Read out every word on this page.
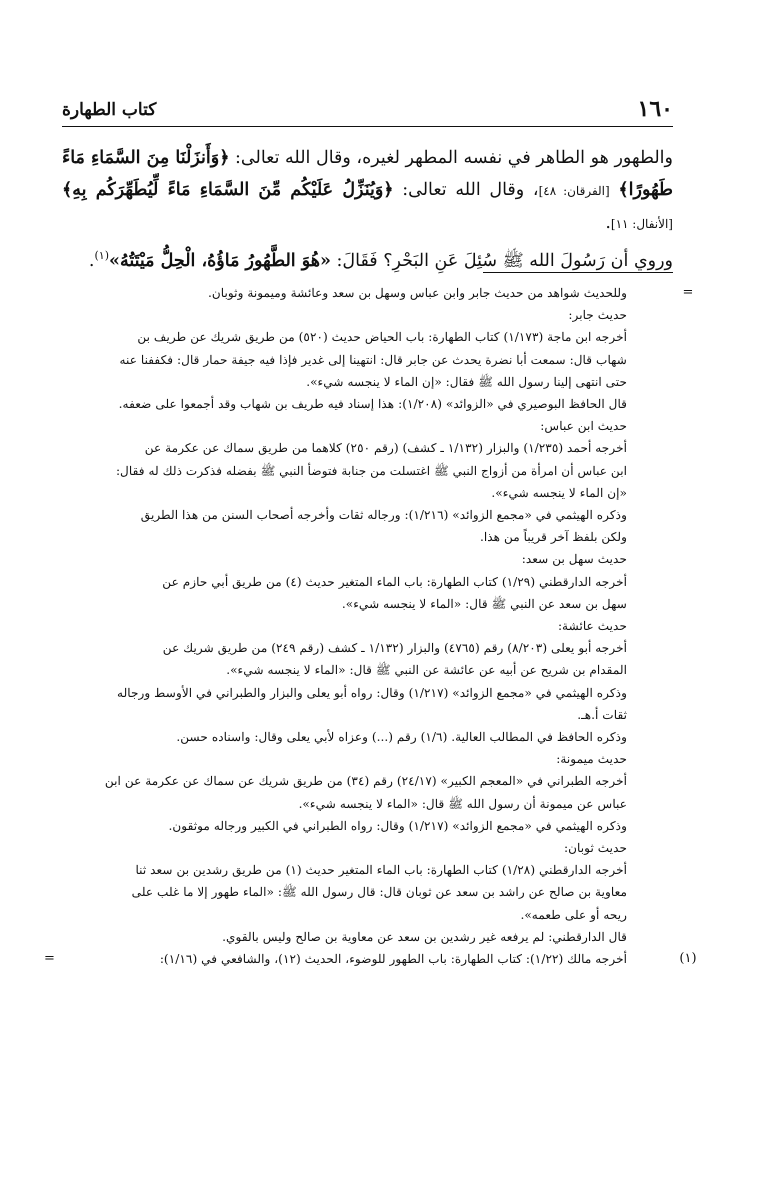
١٦٠
كتاب الطهارة

والطهور هو الطاهر في نفسه المطهر لغيره، وقال الله تعالى: ﴿وَأَنزَلْنَا مِنَ السَّمَاءِ مَاءً طَهُورًا﴾ [الفرقان: ٤٨]، وقال الله تعالى: ﴿وَيُنَزِّلُ عَلَيْكُم مِّنَ السَّمَاءِ مَاءً لِّيُطَهِّرَكُم بِهِ﴾ [الأنفال: ١١].

وروي أن رَسُولَ الله ﷺ سُئِلَ عَنِ البَحْرِ؟ فَقَالَ: «هُوَ الطَّهُورُ مَاؤُهُ، الْحِلُّ مَيْتَتُهُ»$^{(١)}$.

=
وللحديث شواهد من حديث جابر وابن عباس وسهل بن سعد وعائشة وميمونة وثوبان.

حديث جابر:

أخرجه ابن ماجة (١/١٧٣) كتاب الطهارة: باب الحياض حديث (٥٢٠) من طريق شريك عن طريف بن

شهاب قال: سمعت أبا نضرة يحدث عن جابر قال: انتهينا إلى غدير فإذا فيه جيفة حمار قال: فكففنا عنه

حتى انتهى إلينا رسول الله ﷺ فقال: «إن الماء لا ينجسه شيء».

قال الحافظ البوصيري في «الزوائد» (١/٢٠٨): هذا إسناد فيه طريف بن شهاب وقد أجمعوا على ضعفه.

حديث ابن عباس:

أخرجه أحمد (١/٢٣٥) والبزار (١/١٣٢ ـ كشف) (رقم ٢٥٠) كلاهما من طريق سماك عن عكرمة عن

ابن عباس أن امرأة من أزواج النبي ﷺ اغتسلت من جنابة فتوضأ النبي ﷺ بفضله فذكرت ذلك له فقال:

«إن الماء لا ينجسه شيء».

وذكره الهيثمي في «مجمع الزوائد» (١/٢١٦): ورجاله ثقات وأخرجه أصحاب السنن من هذا الطريق

ولكن بلفظ آخر قريباً من هذا.

حديث سهل بن سعد:

أخرجه الدارقطني (١/٢٩) كتاب الطهارة: باب الماء المتغير حديث (٤) من طريق أبي حازم عن

سهل بن سعد عن النبي ﷺ قال: «الماء لا ينجسه شيء».

حديث عائشة:

أخرجه أبو يعلى (٨/٢٠٣) رقم (٤٧٦٥) والبزار (١/١٣٢ ـ كشف (رقم ٢٤٩) من طريق شريك عن

المقدام بن شريح عن أبيه عن عائشة عن النبي ﷺ قال: «الماء لا ينجسه شيء».

وذكره الهيثمي في «مجمع الزوائد» (١/٢١٧) وقال: رواه أبو يعلى والبزار والطبراني في الأوسط ورجاله

ثقات أ.هـ.

وذكره الحافظ في المطالب العالية. (١/٦) رقم (...) وعزاه لأبي يعلى وقال: واسناده حسن.

حديث ميمونة:

أخرجه الطبراني في «المعجم الكبير» (٢٤/١٧) رقم (٣٤) من طريق شريك عن سماك عن عكرمة عن ابن

عباس عن ميمونة أن رسول الله ﷺ قال: «الماء لا ينجسه شيء».

وذكره الهيثمي في «مجمع الزوائد» (١/٢١٧) وقال: رواه الطبراني في الكبير ورجاله موثقون.

حديث ثوبان:

أخرجه الدارقطني (١/٢٨) كتاب الطهارة: باب الماء المتغير حديث (١) من طريق رشدين بن سعد ثنا

معاوية بن صالح عن راشد بن سعد عن ثوبان قال: قال رسول الله ﷺ: «الماء طهور إلا ما غلب على

ريحه أو على طعمه».

قال الدارقطني: لم يرفعه غير رشدين بن سعد عن معاوية بن صالح وليس بالقوي.

(١)
أخرجه مالك (١/٢٢): كتاب الطهارة: باب الطهور للوضوء، الحديث (١٢)، والشافعي في (١/١٦):
=
